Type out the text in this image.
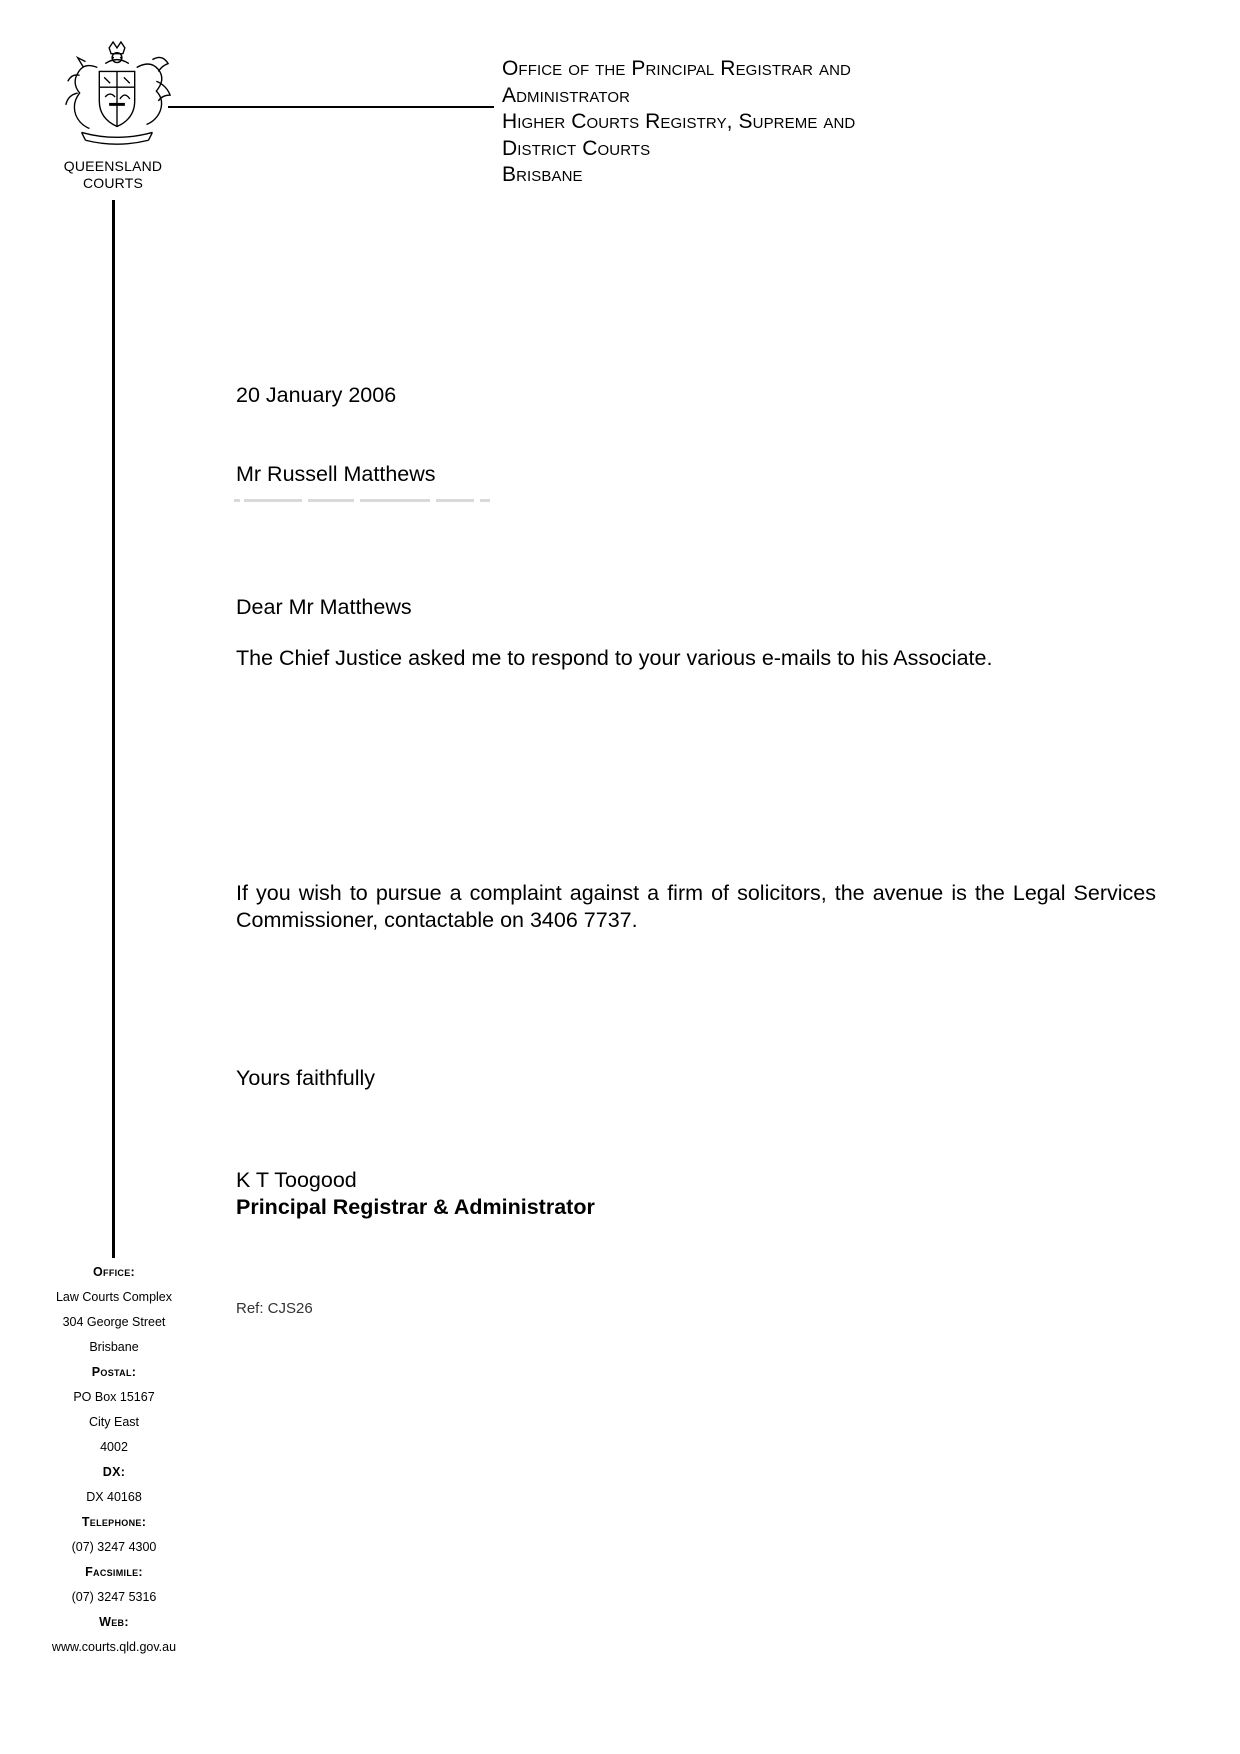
QUEENSLAND
COURTS
Office of the Principal Registrar and
Administrator
Higher Courts Registry, Supreme and
District Courts
Brisbane
20 January 2006
Mr Russell Matthews
Dear Mr Matthews
The Chief Justice asked me to respond to your various e-mails to his Associate.
If you wish to pursue a complaint against a firm of solicitors, the avenue is the Legal Services Commissioner, contactable on 3406 7737.
Yours faithfully
K T Toogood
Principal Registrar & Administrator
Ref: CJS26
Office:
Law Courts Complex
304 George Street
Brisbane
Postal:
PO Box 15167
City East
4002
DX:
DX 40168
Telephone:
(07) 3247 4300
Facsimile:
(07) 3247 5316
Web:
www.courts.qld.gov.au
